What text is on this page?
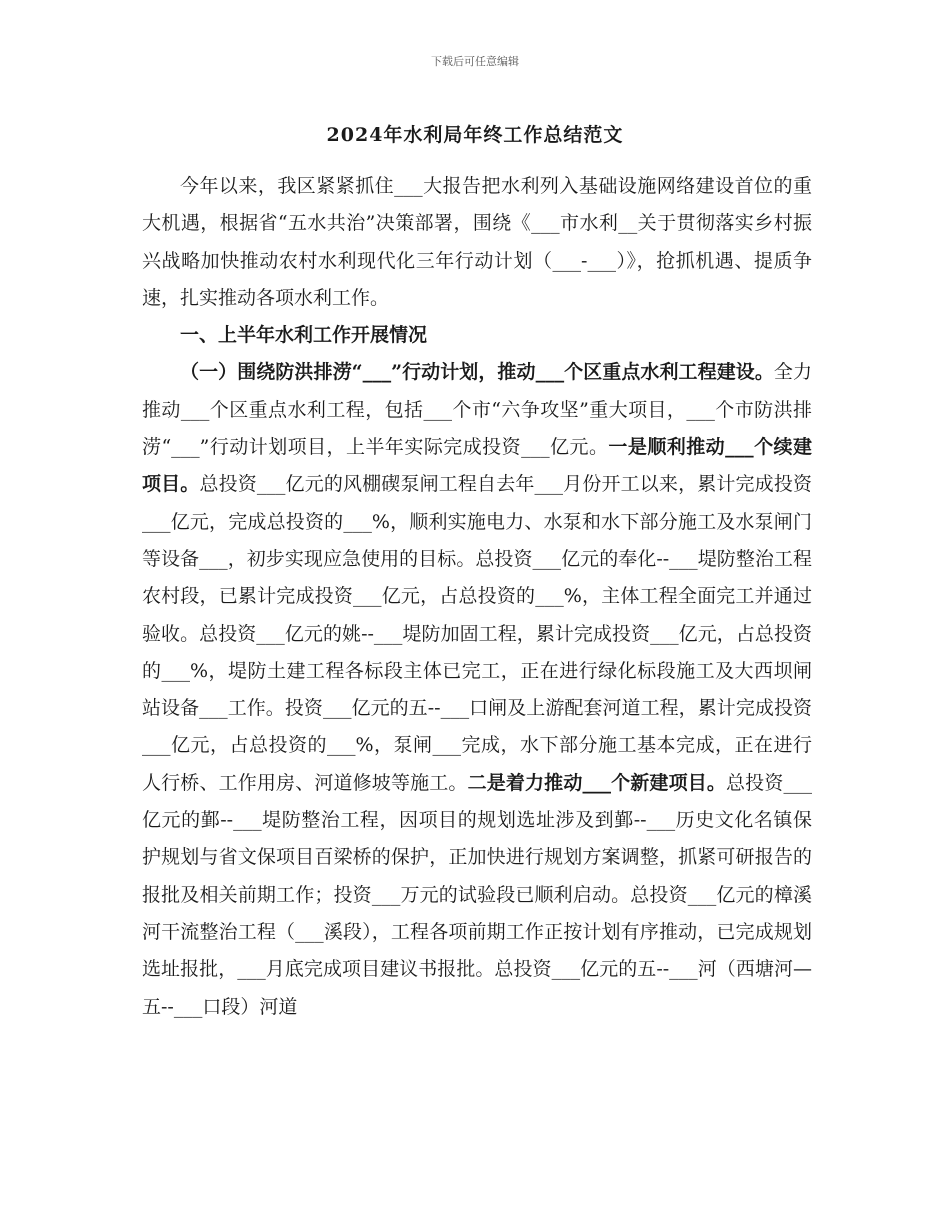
下载后可任意编辑
2024年水利局年终工作总结范文

今年以来，我区紧紧抓住___大报告把水利列入基础设施网络建设首位的重大机遇，根据省“五水共治”决策部署，围绕《___市水利__关于贯彻落实乡村振兴战略加快推动农村水利现代化三年行动计划（___-___）》，抢抓机遇、提质争速，扎实推动各项水利工作。

一、上半年水利工作开展情况

（一）围绕防洪排涝“___”行动计划，推动___个区重点水利工程建设。全力推动___个区重点水利工程，包括___个市“六争攻坚”重大项目，___个市防洪排涝“___”行动计划项目，上半年实际完成投资___亿元。一是顺利推动___个续建项目。总投资___亿元的风棚碶泵闸工程自去年___月份开工以来，累计完成投资___亿元，完成总投资的___%，顺利实施电力、水泵和水下部分施工及水泵闸门等设备___，初步实现应急使用的目标。总投资___亿元的奉化--___堤防整治工程农村段，已累计完成投资___亿元，占总投资的___%，主体工程全面完工并通过验收。总投资___亿元的姚--___堤防加固工程，累计完成投资___亿元，占总投资的___%，堤防土建工程各标段主体已完工，正在进行绿化标段施工及大西坝闸站设备___工作。投资___亿元的五--___口闸及上游配套河道工程，累计完成投资___亿元，占总投资的___%，泵闸___完成，水下部分施工基本完成，正在进行人行桥、工作用房、河道修坡等施工。二是着力推动___个新建项目。总投资___亿元的鄞--___堤防整治工程，因项目的规划选址涉及到鄞--___历史文化名镇保护规划与省文保项目百梁桥的保护，正加快进行规划方案调整，抓紧可研报告的报批及相关前期工作；投资___万元的试验段已顺利启动。总投资___亿元的樟溪河干流整治工程（___溪段），工程各项前期工作正按计划有序推动，已完成规划选址报批，___月底完成项目建议书报批。总投资___亿元的五--___河（西塘河—五--___口段）河道
